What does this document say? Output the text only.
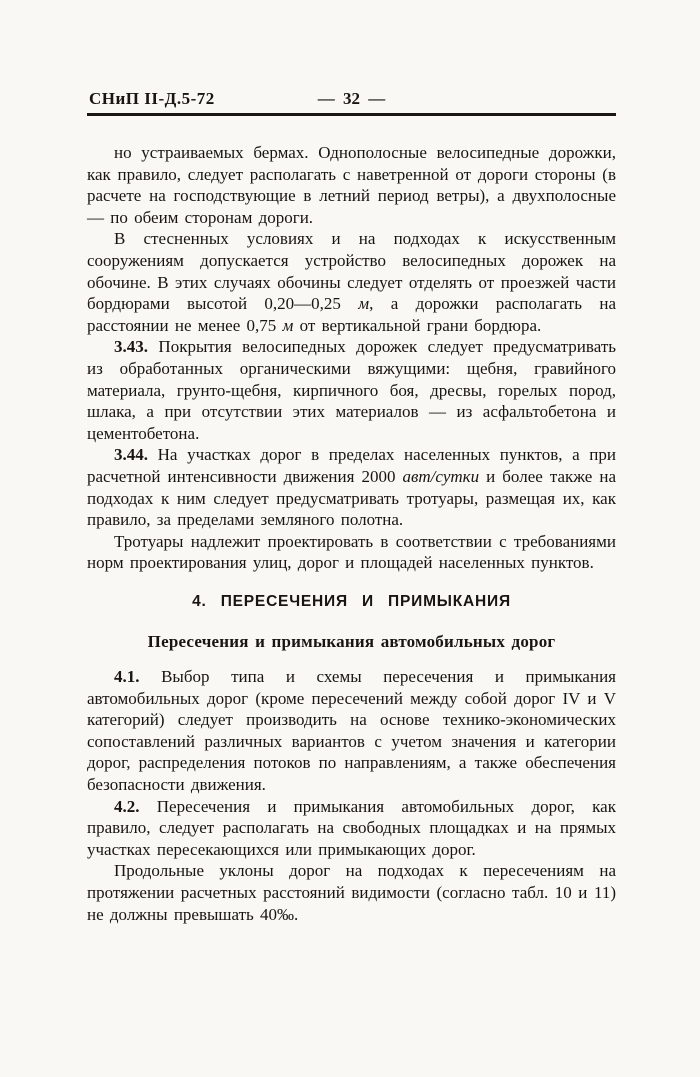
СНиП II-Д.5-72	— 32 —

но устраиваемых бермах. Однополосные велосипедные дорожки, как правило, следует располагать с наветренной от дороги стороны (в расчете на господствующие в летний период ветры), а двухполосные — по обеим сторонам дороги.

В стесненных условиях и на подходах к искусственным сооружениям допускается устройство велосипедных дорожек на обочине. В этих случаях обочины следует отделять от проезжей части бордюрами высотой 0,20—0,25 м, а дорожки располагать на расстоянии не менее 0,75 м от вертикальной грани бордюра.

3.43. Покрытия велосипедных дорожек следует предусматривать из обработанных органическими вяжущими: щебня, гравийного материала, грунто-щебня, кирпичного боя, дресвы, горелых пород, шлака, а при отсутствии этих материалов — из асфальтобетона и цементобетона.

3.44. На участках дорог в пределах населенных пунктов, а при расчетной интенсивности движения 2000 авт/сутки и более также на подходах к ним следует предусматривать тротуары, размещая их, как правило, за пределами земляного полотна.

Тротуары надлежит проектировать в соответствии с требованиями норм проектирования улиц, дорог и площадей населенных пунктов.

4. ПЕРЕСЕЧЕНИЯ И ПРИМЫКАНИЯ
Пересечения и примыкания автомобильных дорог

4.1. Выбор типа и схемы пересечения и примыкания автомобильных дорог (кроме пересечений между собой дорог IV и V категорий) следует производить на основе технико-экономических сопоставлений различных вариантов с учетом значения и категории дорог, распределения потоков по направлениям, а также обеспечения безопасности движения.

4.2. Пересечения и примыкания автомобильных дорог, как правило, следует располагать на свободных площадках и на прямых участках пересекающихся или примыкающих дорог.

Продольные уклоны дорог на подходах к пересечениям на протяжении расчетных расстояний видимости (согласно табл. 10 и 11) не должны превышать 40‰.
